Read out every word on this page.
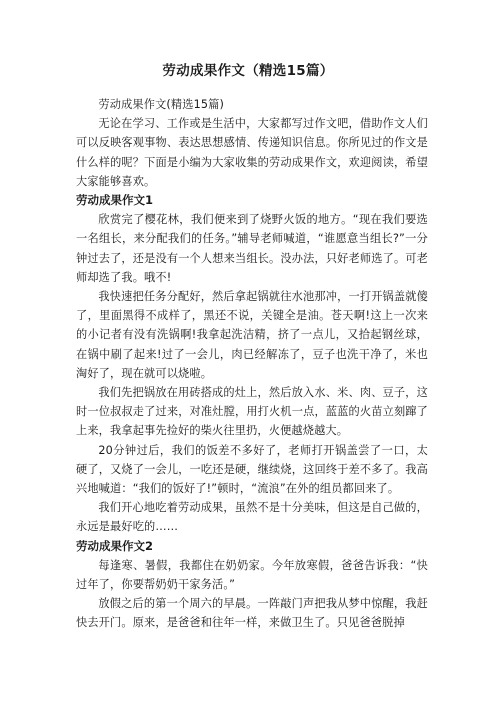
劳动成果作文（精选15篇）

劳动成果作文(精选15篇)

无论在学习、工作或是生活中，大家都写过作文吧，借助作文人们可以反映客观事物、表达思想感情、传递知识信息。你所见过的作文是什么样的呢？下面是小编为大家收集的劳动成果作文，欢迎阅读，希望大家能够喜欢。

劳动成果作文1

欣赏完了樱花林，我们便来到了烧野火饭的地方。“现在我们要选一名组长，来分配我们的任务。”辅导老师喊道，“谁愿意当组长?”一分钟过去了，还是没有一个人想来当组长。没办法，只好老师选了。可老师却选了我。哦不!

我快速把任务分配好，然后拿起锅就往水池那冲，一打开锅盖就傻了，里面黑得不成样了，黑还不说，关键全是油。苍天啊!这上一次来的小记者有没有洗锅啊!我拿起洗洁精，挤了一点儿，又拾起钢丝球，在锅中刷了起来!过了一会儿，肉已经解冻了，豆子也洗干净了，米也淘好了，现在就可以烧啦。

我们先把锅放在用砖搭成的灶上，然后放入水、米、肉、豆子，这时一位叔叔走了过来，对准灶膛，用打火机一点，蓝蓝的火苗立刻蹿了上来，我拿起事先捡好的柴火往里扔，火便越烧越大。

20分钟过后，我们的饭差不多好了，老师打开锅盖尝了一口，太硬了，又烧了一会儿，一吃还是硬，继续烧，这回终于差不多了。我高兴地喊道：“我们的饭好了!”顿时，“流浪”在外的组员都回来了。

我们开心地吃着劳动成果，虽然不是十分美味，但这是自己做的，永远是最好吃的……

劳动成果作文2

每逢寒、暑假，我都住在奶奶家。今年放寒假，爸爸告诉我：“快过年了，你要帮奶奶干家务活。”

放假之后的第一个周六的早晨。一阵敲门声把我从梦中惊醒，我赶快去开门。原来，是爸爸和往年一样，来做卫生了。只见爸爸脱掉
